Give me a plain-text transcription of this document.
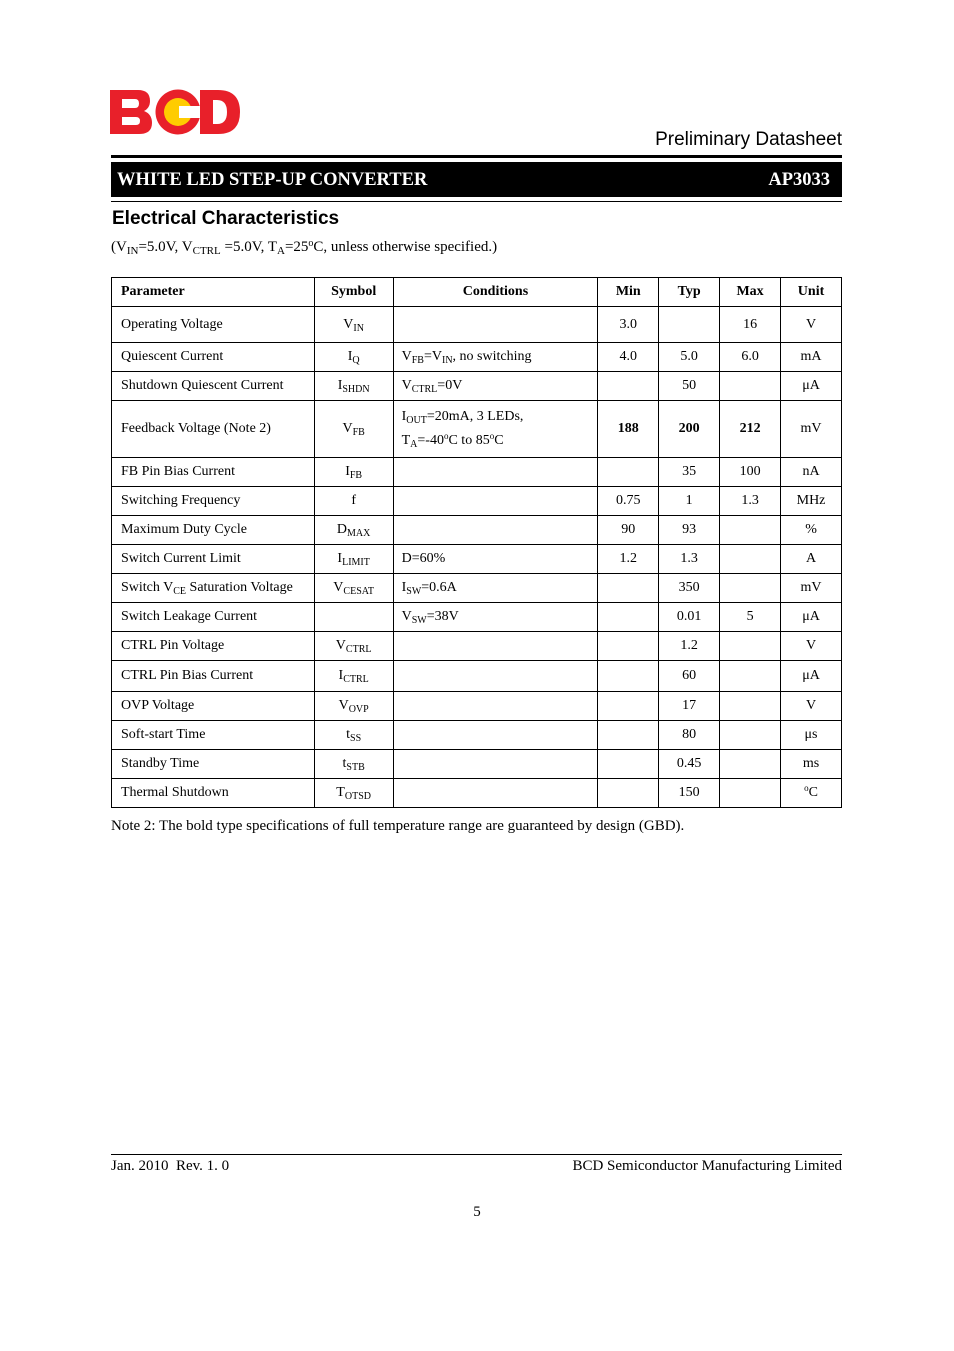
Preliminary Datasheet
WHITE LED STEP-UP CONVERTER	AP3033
Electrical Characteristics
($V_{IN}=5.0V$, $V_{CTRL} =5.0V$, $T_A=25^oC$, unless otherwise specified.)
Parameter	Symbol	Conditions	Min	Typ	Max	Unit
Operating Voltage	$V_{IN}$		3.0		16	V
Quiescent Current	$I_Q$	$V_{FB}=V_{IN}$, no switching	4.0	5.0	6.0	mA
Shutdown Quiescent Current	$I_{SHDN}$	$V_{CTRL}=0V$		50		μA
Feedback Voltage (Note 2)	$V_{FB}$	$I_{OUT}=20mA$, 3 LEDs,
$T_A=-40^oC$ to 85$^o$C	188	200	212	mV
FB Pin Bias Current	$I_{FB}$			35	100	nA
Switching Frequency	f		0.75	1	1.3	MHz
Maximum Duty Cycle	$D_{MAX}$		90	93		%
Switch Current Limit	$I_{LIMIT}$	D=60%	1.2	1.3		A
Switch $V_{CE}$ Saturation Voltage	$V_{CESAT}$	$I_{SW}=0.6A$		350		mV
Switch Leakage Current		$V_{SW}=38V$		0.01	5	μA
CTRL Pin Voltage	$V_{CTRL}$			1.2		V
CTRL Pin Bias Current	$I_{CTRL}$			60		μA
OVP Voltage	$V_{OVP}$			17		V
Soft-start Time	$t_{SS}$			80		μs
Standby Time	$t_{STB}$			0.45		ms
Thermal Shutdown	$T_{OTSD}$			150		$^o$C
Note 2: The bold type specifications of full temperature range are guaranteed by design (GBD).
Jan. 2010  Rev. 1. 0	BCD Semiconductor Manufacturing Limited
5
